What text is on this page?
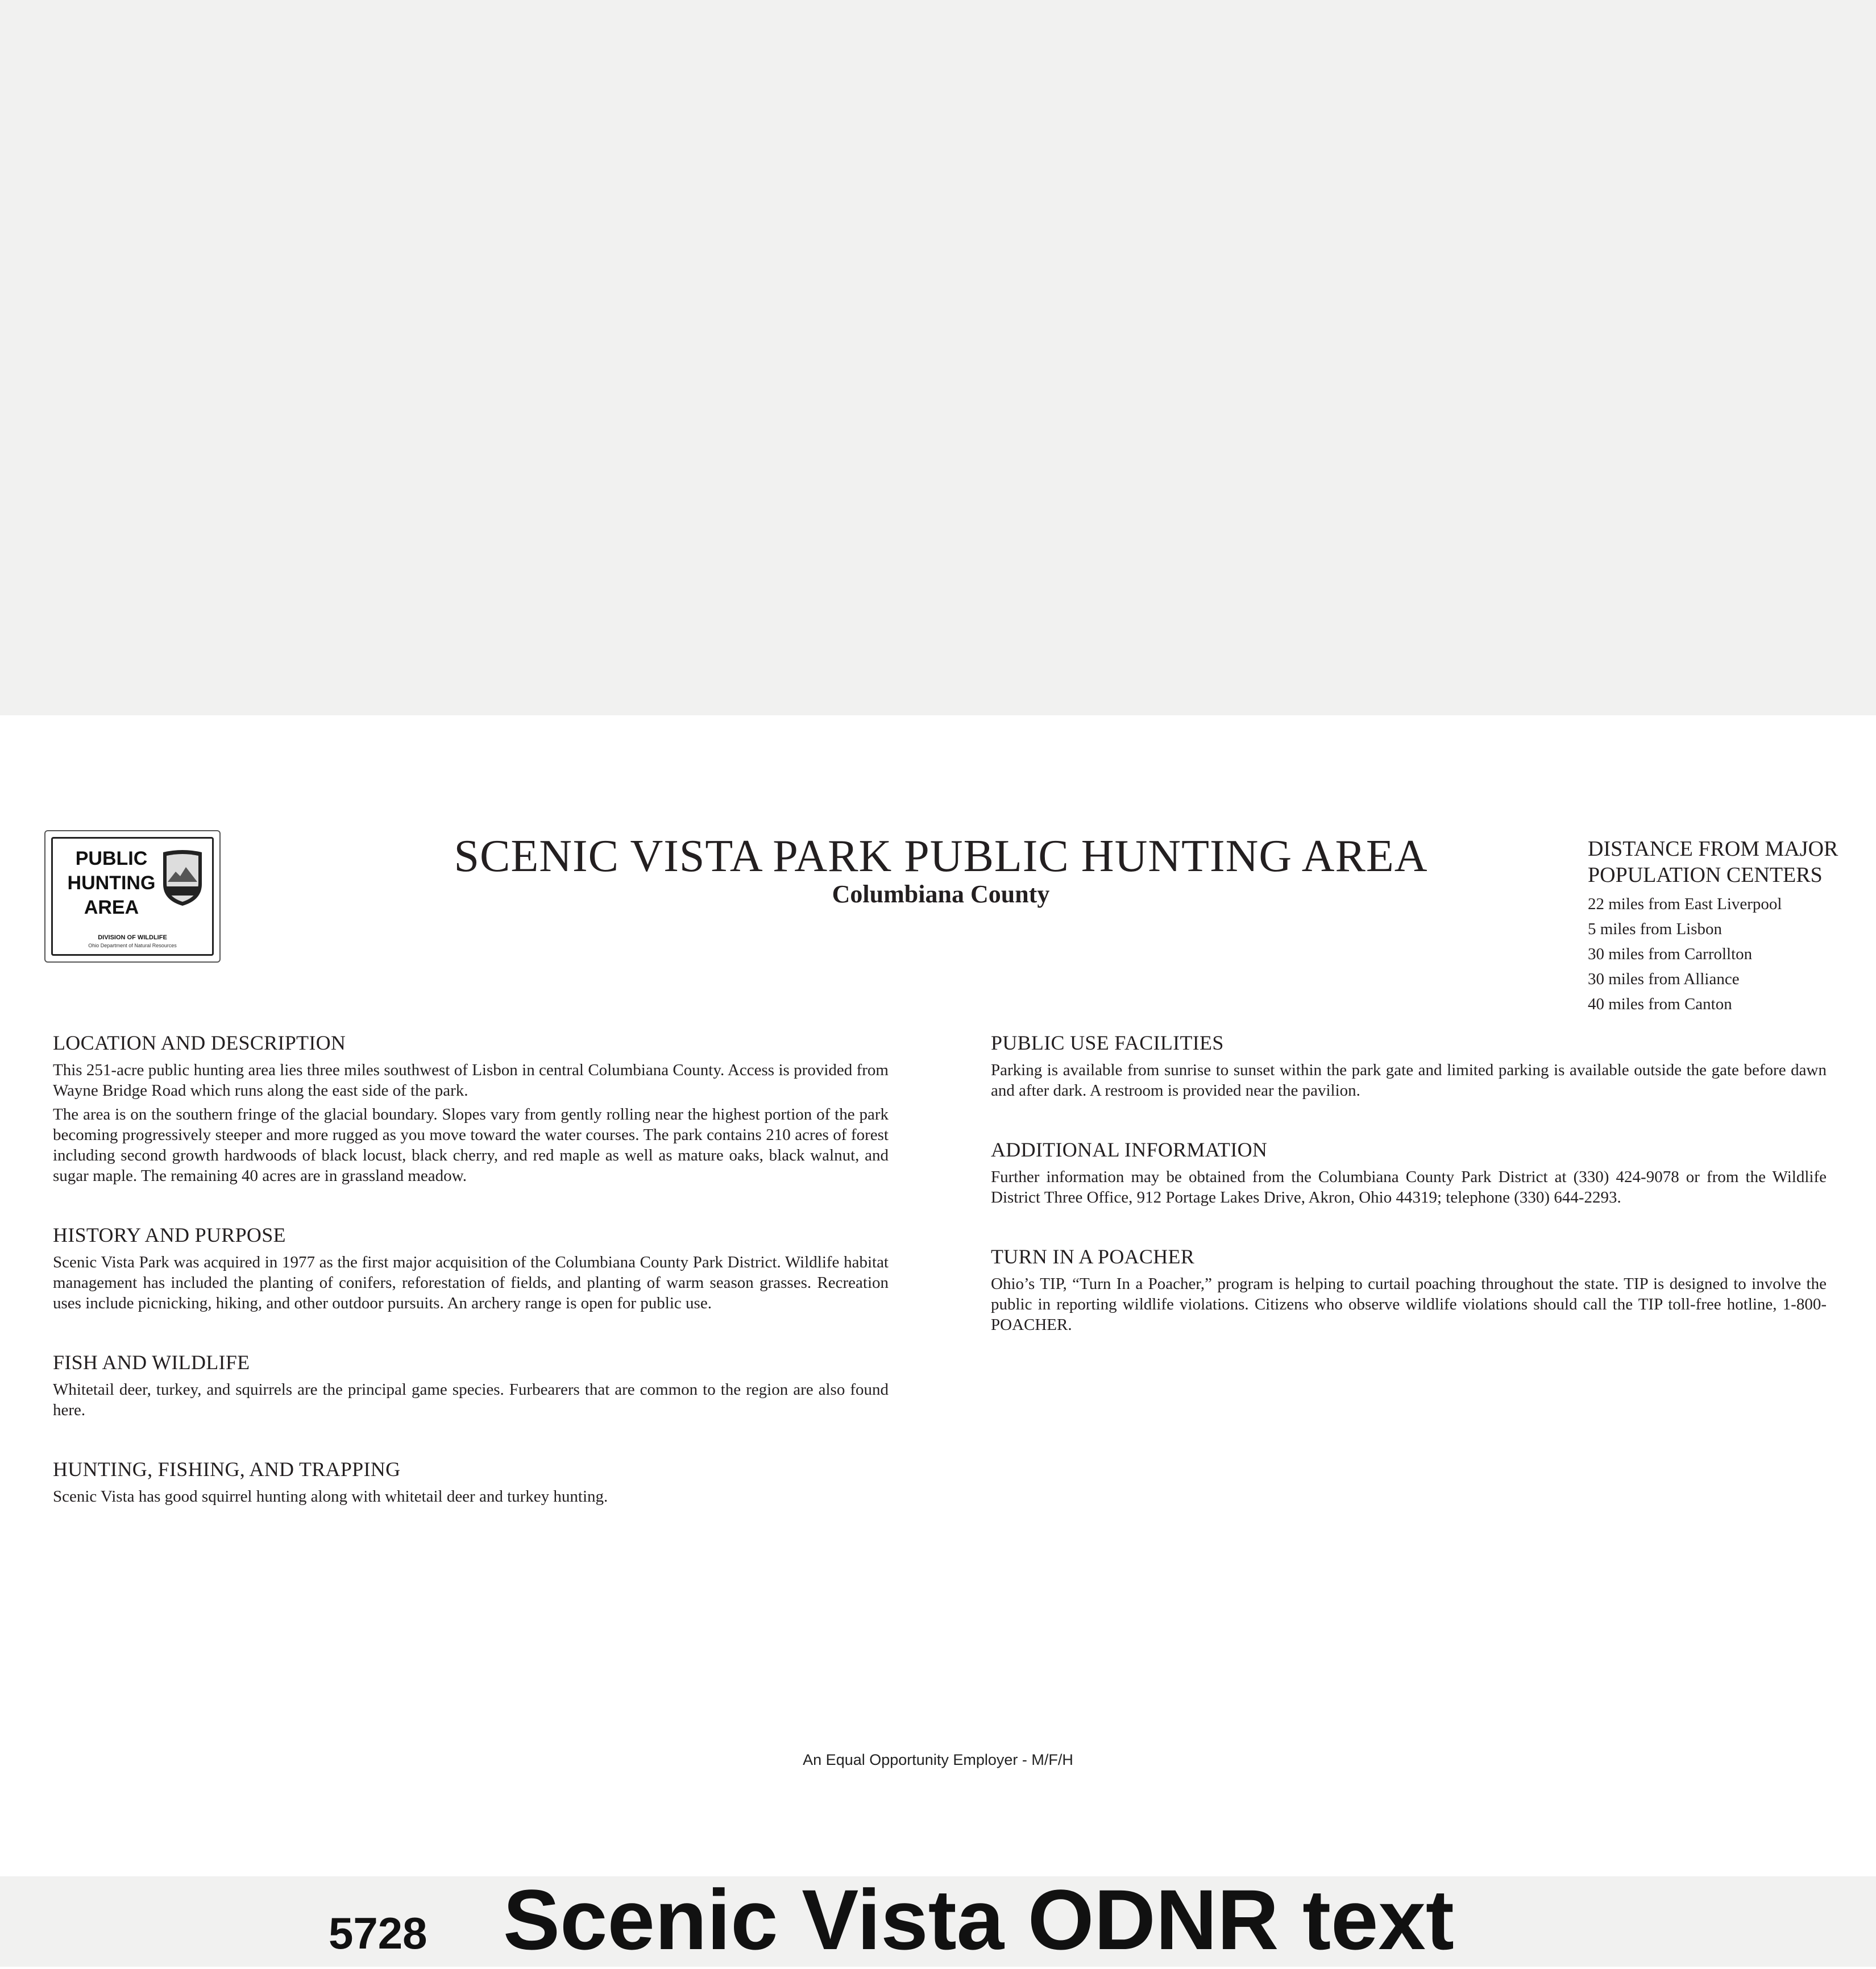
PUBLIC
HUNTING
AREA
DIVISION OF WILDLIFE
Ohio Department of Natural Resources
SCENIC VISTA PARK PUBLIC HUNTING AREA
Columbiana County
DISTANCE FROM MAJOR
POPULATION CENTERS
22 miles from East Liverpool
5 miles from Lisbon
30 miles from Carrollton
30 miles from Alliance
40 miles from Canton
LOCATION AND DESCRIPTION

This 251-acre public hunting area lies three miles southwest of Lisbon in central Columbiana County. Access is provided from Wayne Bridge Road which runs along the east side of the park.

The area is on the southern fringe of the glacial boundary. Slopes vary from gently rolling near the highest portion of the park becoming progressively steeper and more rugged as you move toward the water courses. The park contains 210 acres of forest including second growth hardwoods of black locust, black cherry, and red maple as well as mature oaks, black walnut, and sugar maple. The remaining 40 acres are in grassland meadow.

HISTORY AND PURPOSE

Scenic Vista Park was acquired in 1977 as the first major acquisition of the Columbiana County Park District. Wildlife habitat management has included the planting of conifers, reforestation of fields, and planting of warm season grasses. Recreation uses include picnicking, hiking, and other outdoor pursuits. An archery range is open for public use.

FISH AND WILDLIFE

Whitetail deer, turkey, and squirrels are the principal game species. Furbearers that are common to the region are also found here.

HUNTING, FISHING, AND TRAPPING

Scenic Vista has good squirrel hunting along with whitetail deer and turkey hunting.

PUBLIC USE FACILITIES

Parking is available from sunrise to sunset within the park gate and limited parking is available outside the gate before dawn and after dark. A restroom is provided near the pavilion.

ADDITIONAL INFORMATION

Further information may be obtained from the Columbiana County Park District at (330) 424-9078 or from the Wildlife District Three Office, 912 Portage Lakes Drive, Akron, Ohio 44319; telephone (330) 644-2293.

TURN IN A POACHER

Ohio’s TIP, “Turn In a Poacher,” program is helping to curtail poaching throughout the state. TIP is designed to involve the public in reporting wildlife violations. Citizens who observe wildlife violations should call the TIP toll-free hotline, 1-800-POACHER.

An Equal Opportunity Employer - M/F/H
5728 Scenic Vista ODNR text
